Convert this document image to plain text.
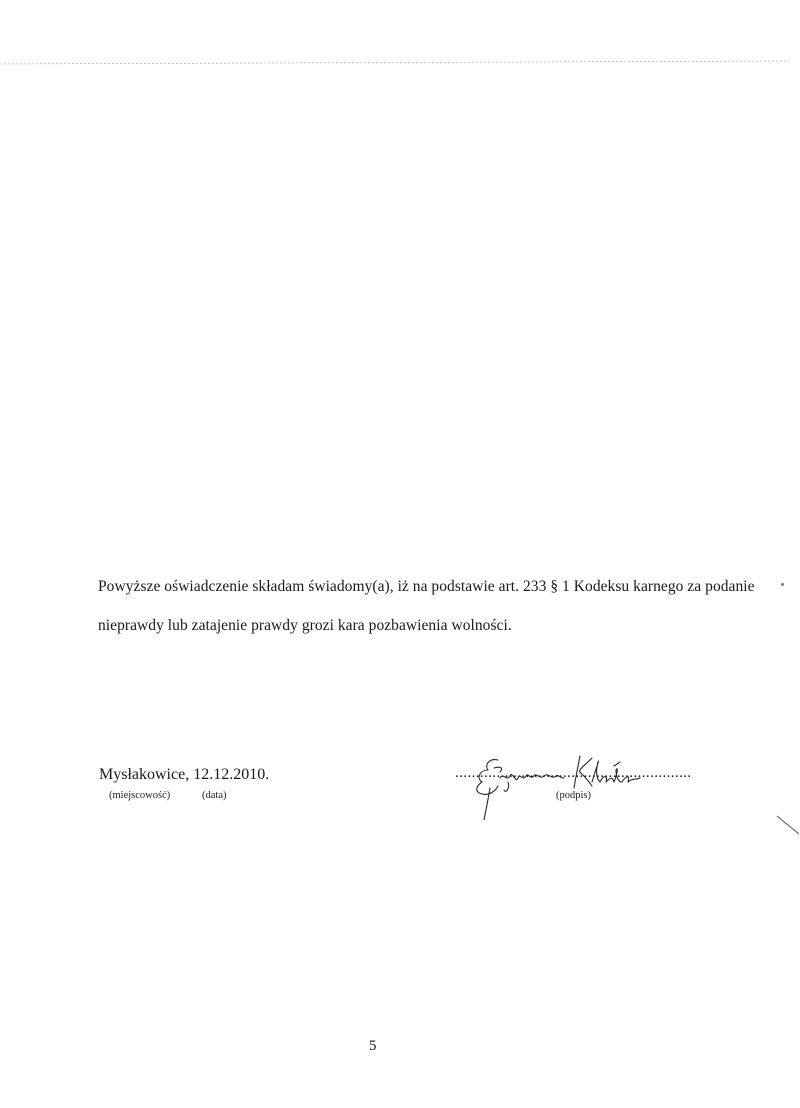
Powyższe oświadczenie składam świadomy(a), iż na podstawie art. 233 § 1 Kodeksu karnego za podanie
nieprawdy lub zatajenie prawdy grozi kara pozbawienia wolności.
Mysłakowice, 12.12.2010.
(miejscowość)	(data)
.........................................................
(podpis)
5
